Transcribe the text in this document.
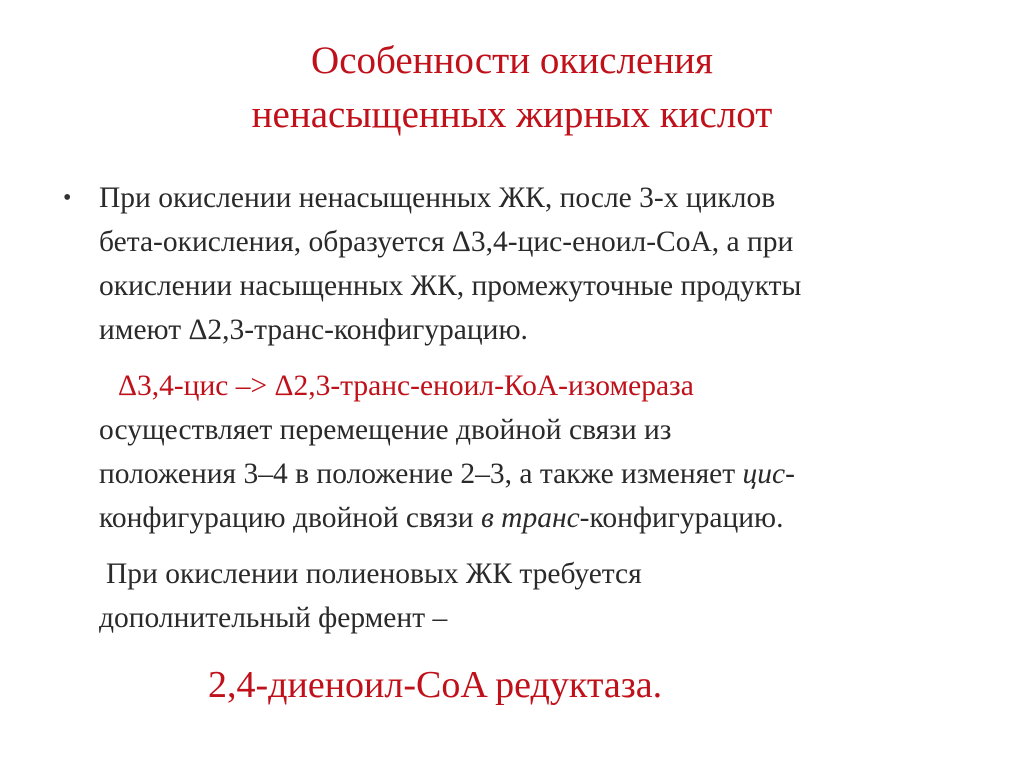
Особенности окисления
ненасыщенных жирных кислот
• При окислении ненасыщенных ЖК, после 3-х циклов
бета-окисления, образуется Δ3,4-цис-еноил-CoA, а при
окислении насыщенных ЖК, промежуточные продукты
имеют Δ2,3-транс-конфигурацию.
Δ3,4-цис –> Δ2,3-транс-еноил-КоА-изомераза
осуществляет перемещение двойной связи из
положения 3–4 в положение 2–3, а также изменяет цис-
конфигурацию двойной связи в транс-конфигурацию.
При окислении полиеновых ЖК требуется
дополнительный фермент –
2,4-диеноил-CoA редуктаза.
